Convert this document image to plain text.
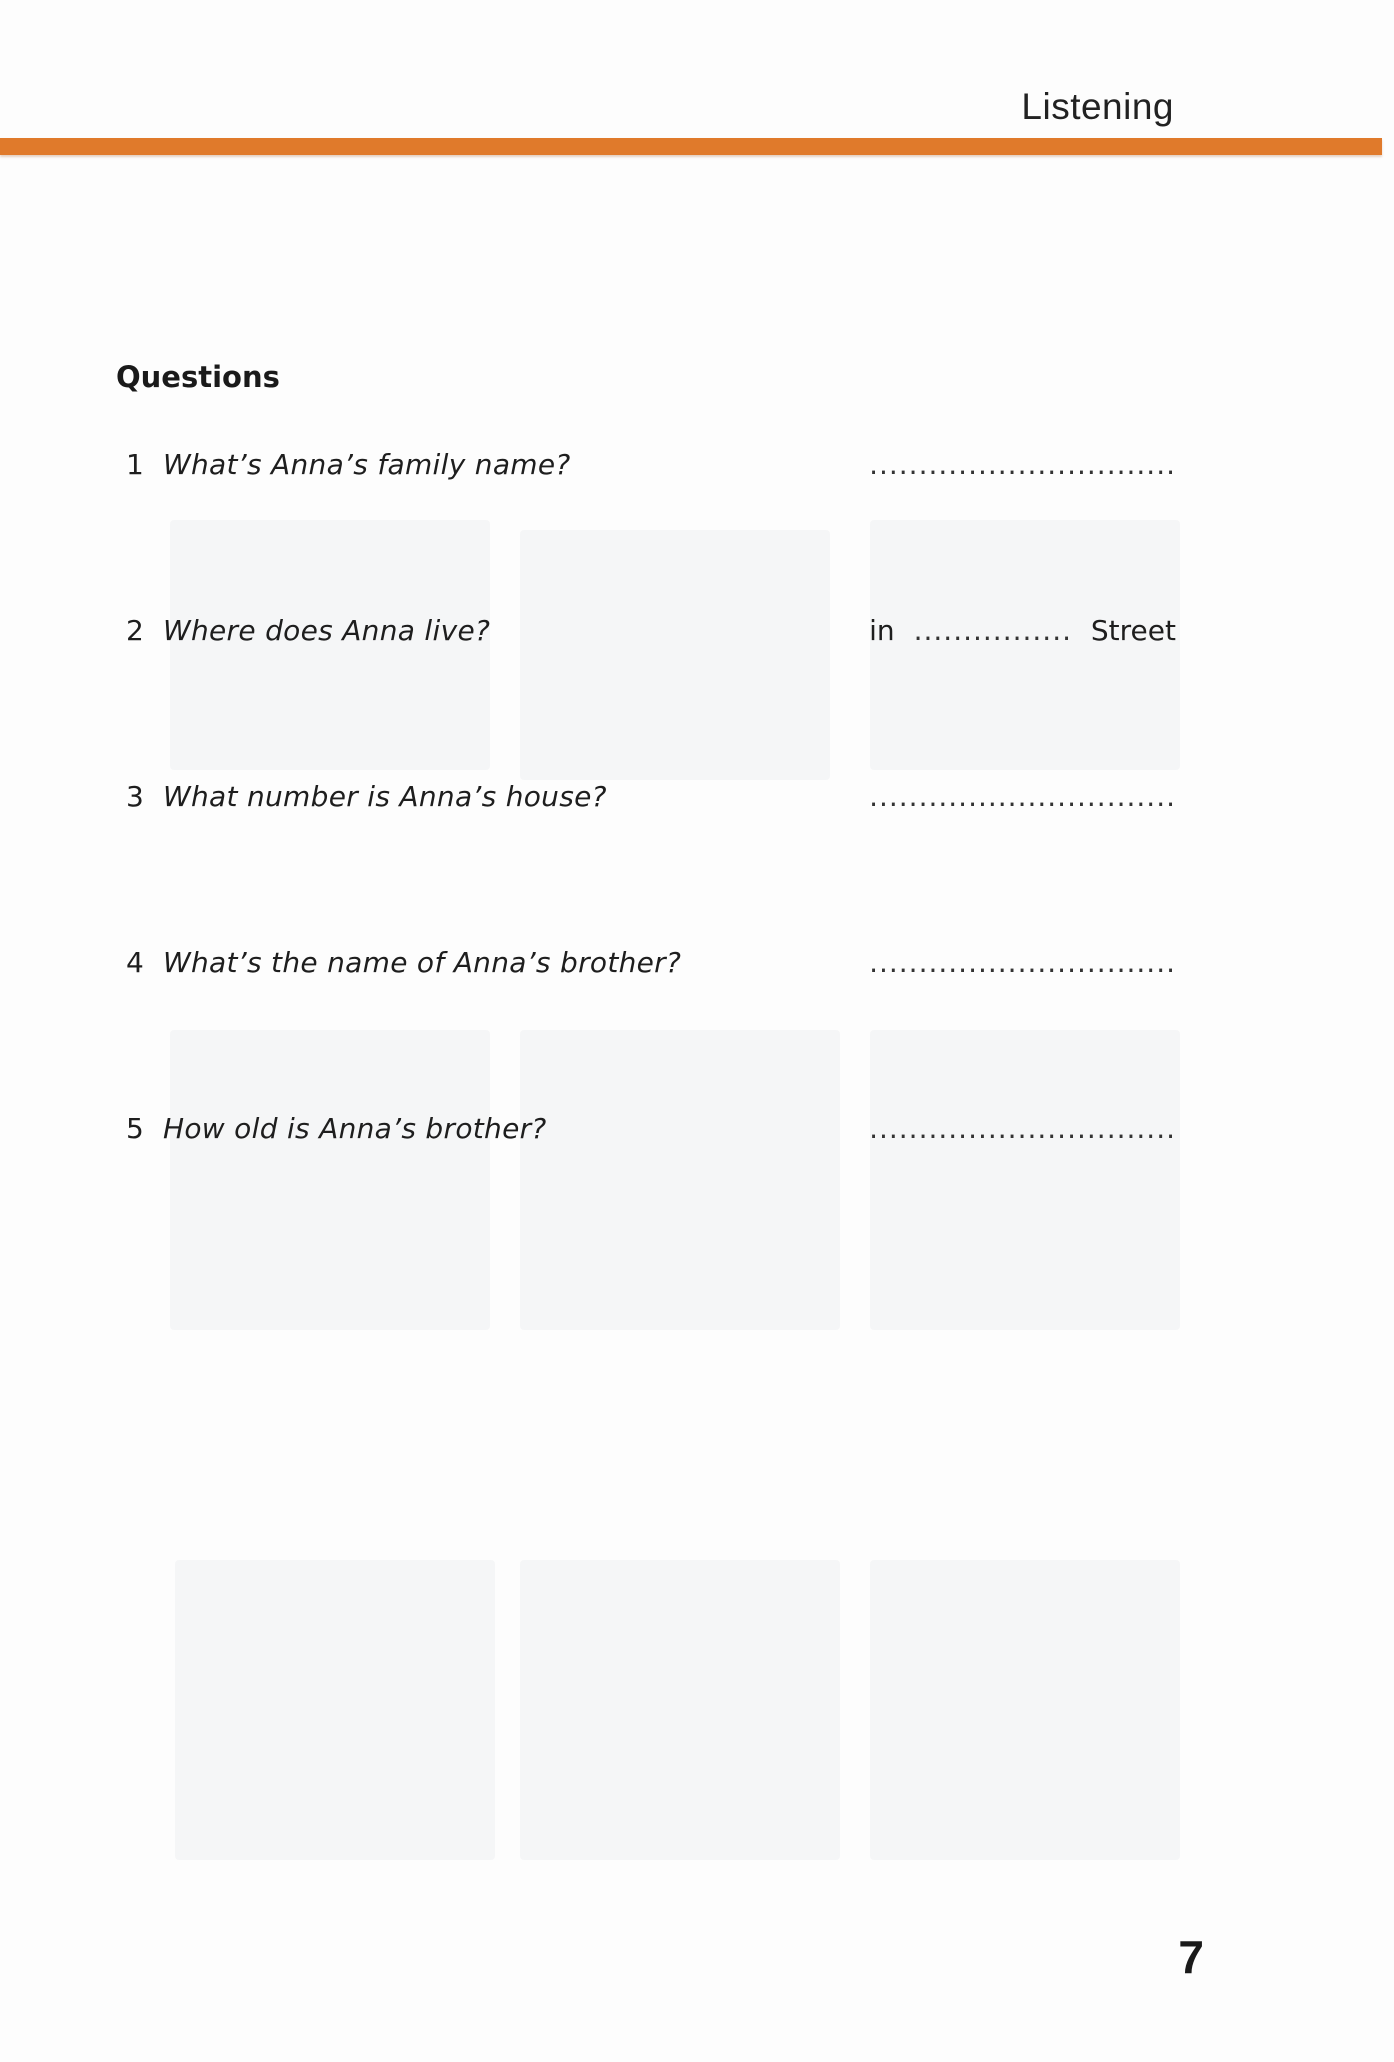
Listening
Questions
1 What’s Anna’s family name?	...............................
2 Where does Anna live?	in ................ Street
3 What number is Anna’s house?	...............................
4 What’s the name of Anna’s brother?	...............................
5 How old is Anna’s brother?	...............................
7
